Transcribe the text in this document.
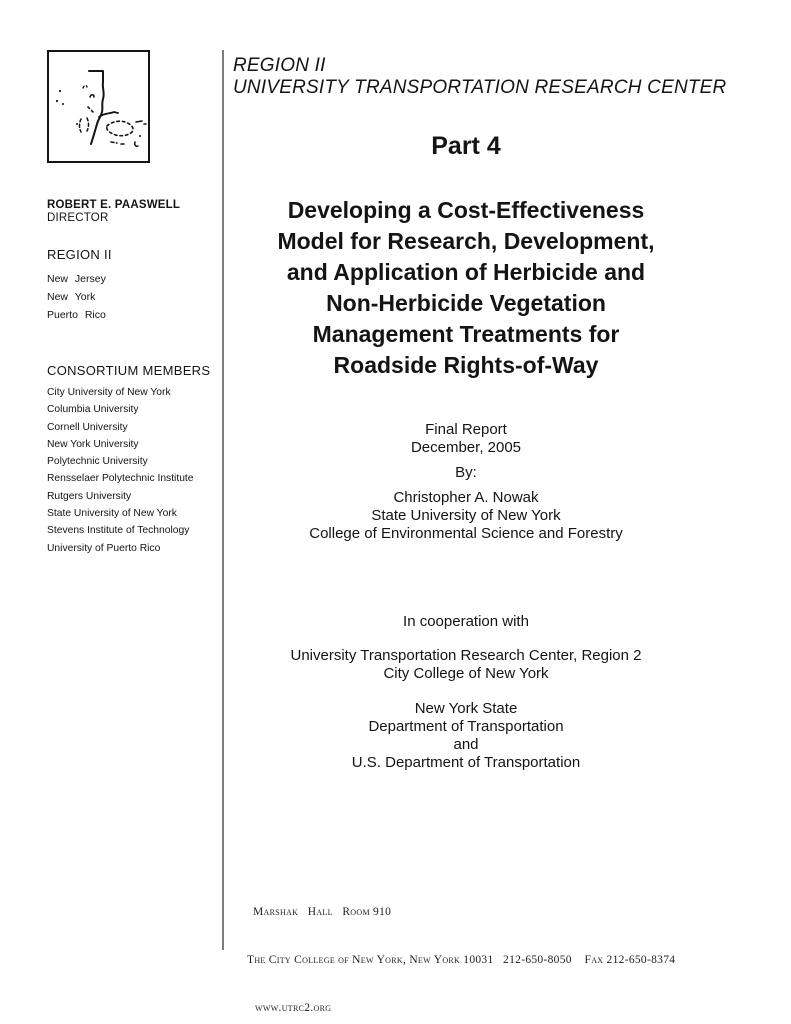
ROBERT E. PAASWELL
DIRECTOR
REGION II
New Jersey
New York
Puerto Rico
CONSORTIUM MEMBERS
City University of New York
Columbia University
Cornell University
New York University
Polytechnic University
Rensselaer Polytechnic Institute
Rutgers University
State University of New York
Stevens Institute of Technology
University of Puerto Rico
REGION II
UNIVERSITY TRANSPORTATION RESEARCH CENTER
Part 4
Developing a Cost-Effectiveness
Model for Research, Development,
and Application of Herbicide and
Non-Herbicide Vegetation
Management Treatments for
Roadside Rights-of-Way
Final Report
December, 2005
By:
Christopher A. Nowak
State University of New York
College of Environmental Science and Forestry
In cooperation with
University Transportation Research Center, Region 2
City College of New York
New York State
Department of Transportation
and
U.S. Department of Transportation

Marshak   Hall   Room 910

The City College of New York, New York 10031   212-650-8050    Fax 212-650-8374

www.utrc2.org
